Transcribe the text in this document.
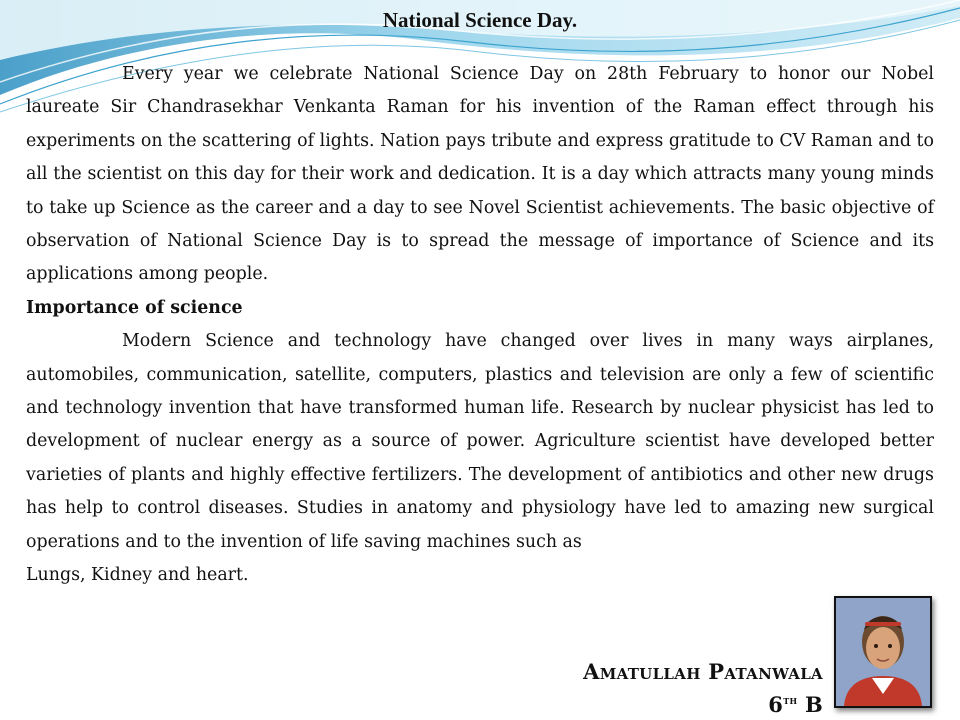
National Science Day.

Every year we celebrate National Science Day on 28th February to honor our Nobel laureate Sir Chandrasekhar Venkanta Raman for his invention of the Raman effect through his experiments on the scattering of lights. Nation pays tribute and express gratitude to CV Raman and to all the scientist on this day for their work and dedication. It is a day which attracts many young minds to take up Science as the career and a day to see Novel Scientist achievements. The basic objective of observation of National Science Day is to spread the message of importance of Science and its applications among people.

Importance of science

Modern Science and technology have changed over lives in many ways airplanes, automobiles, communication, satellite, computers, plastics and television are only a few of scientific and technology invention that have transformed human life. Research by nuclear physicist has led to development of nuclear energy as a source of power. Agriculture scientist have developed better varieties of plants and highly effective fertilizers. The development of antibiotics and other new drugs has help to control diseases. Studies in anatomy and physiology have led to amazing new surgical operations and to the invention of life saving machines such as

Lungs, Kidney and heart.

Amatullah Patanwala
6th B
